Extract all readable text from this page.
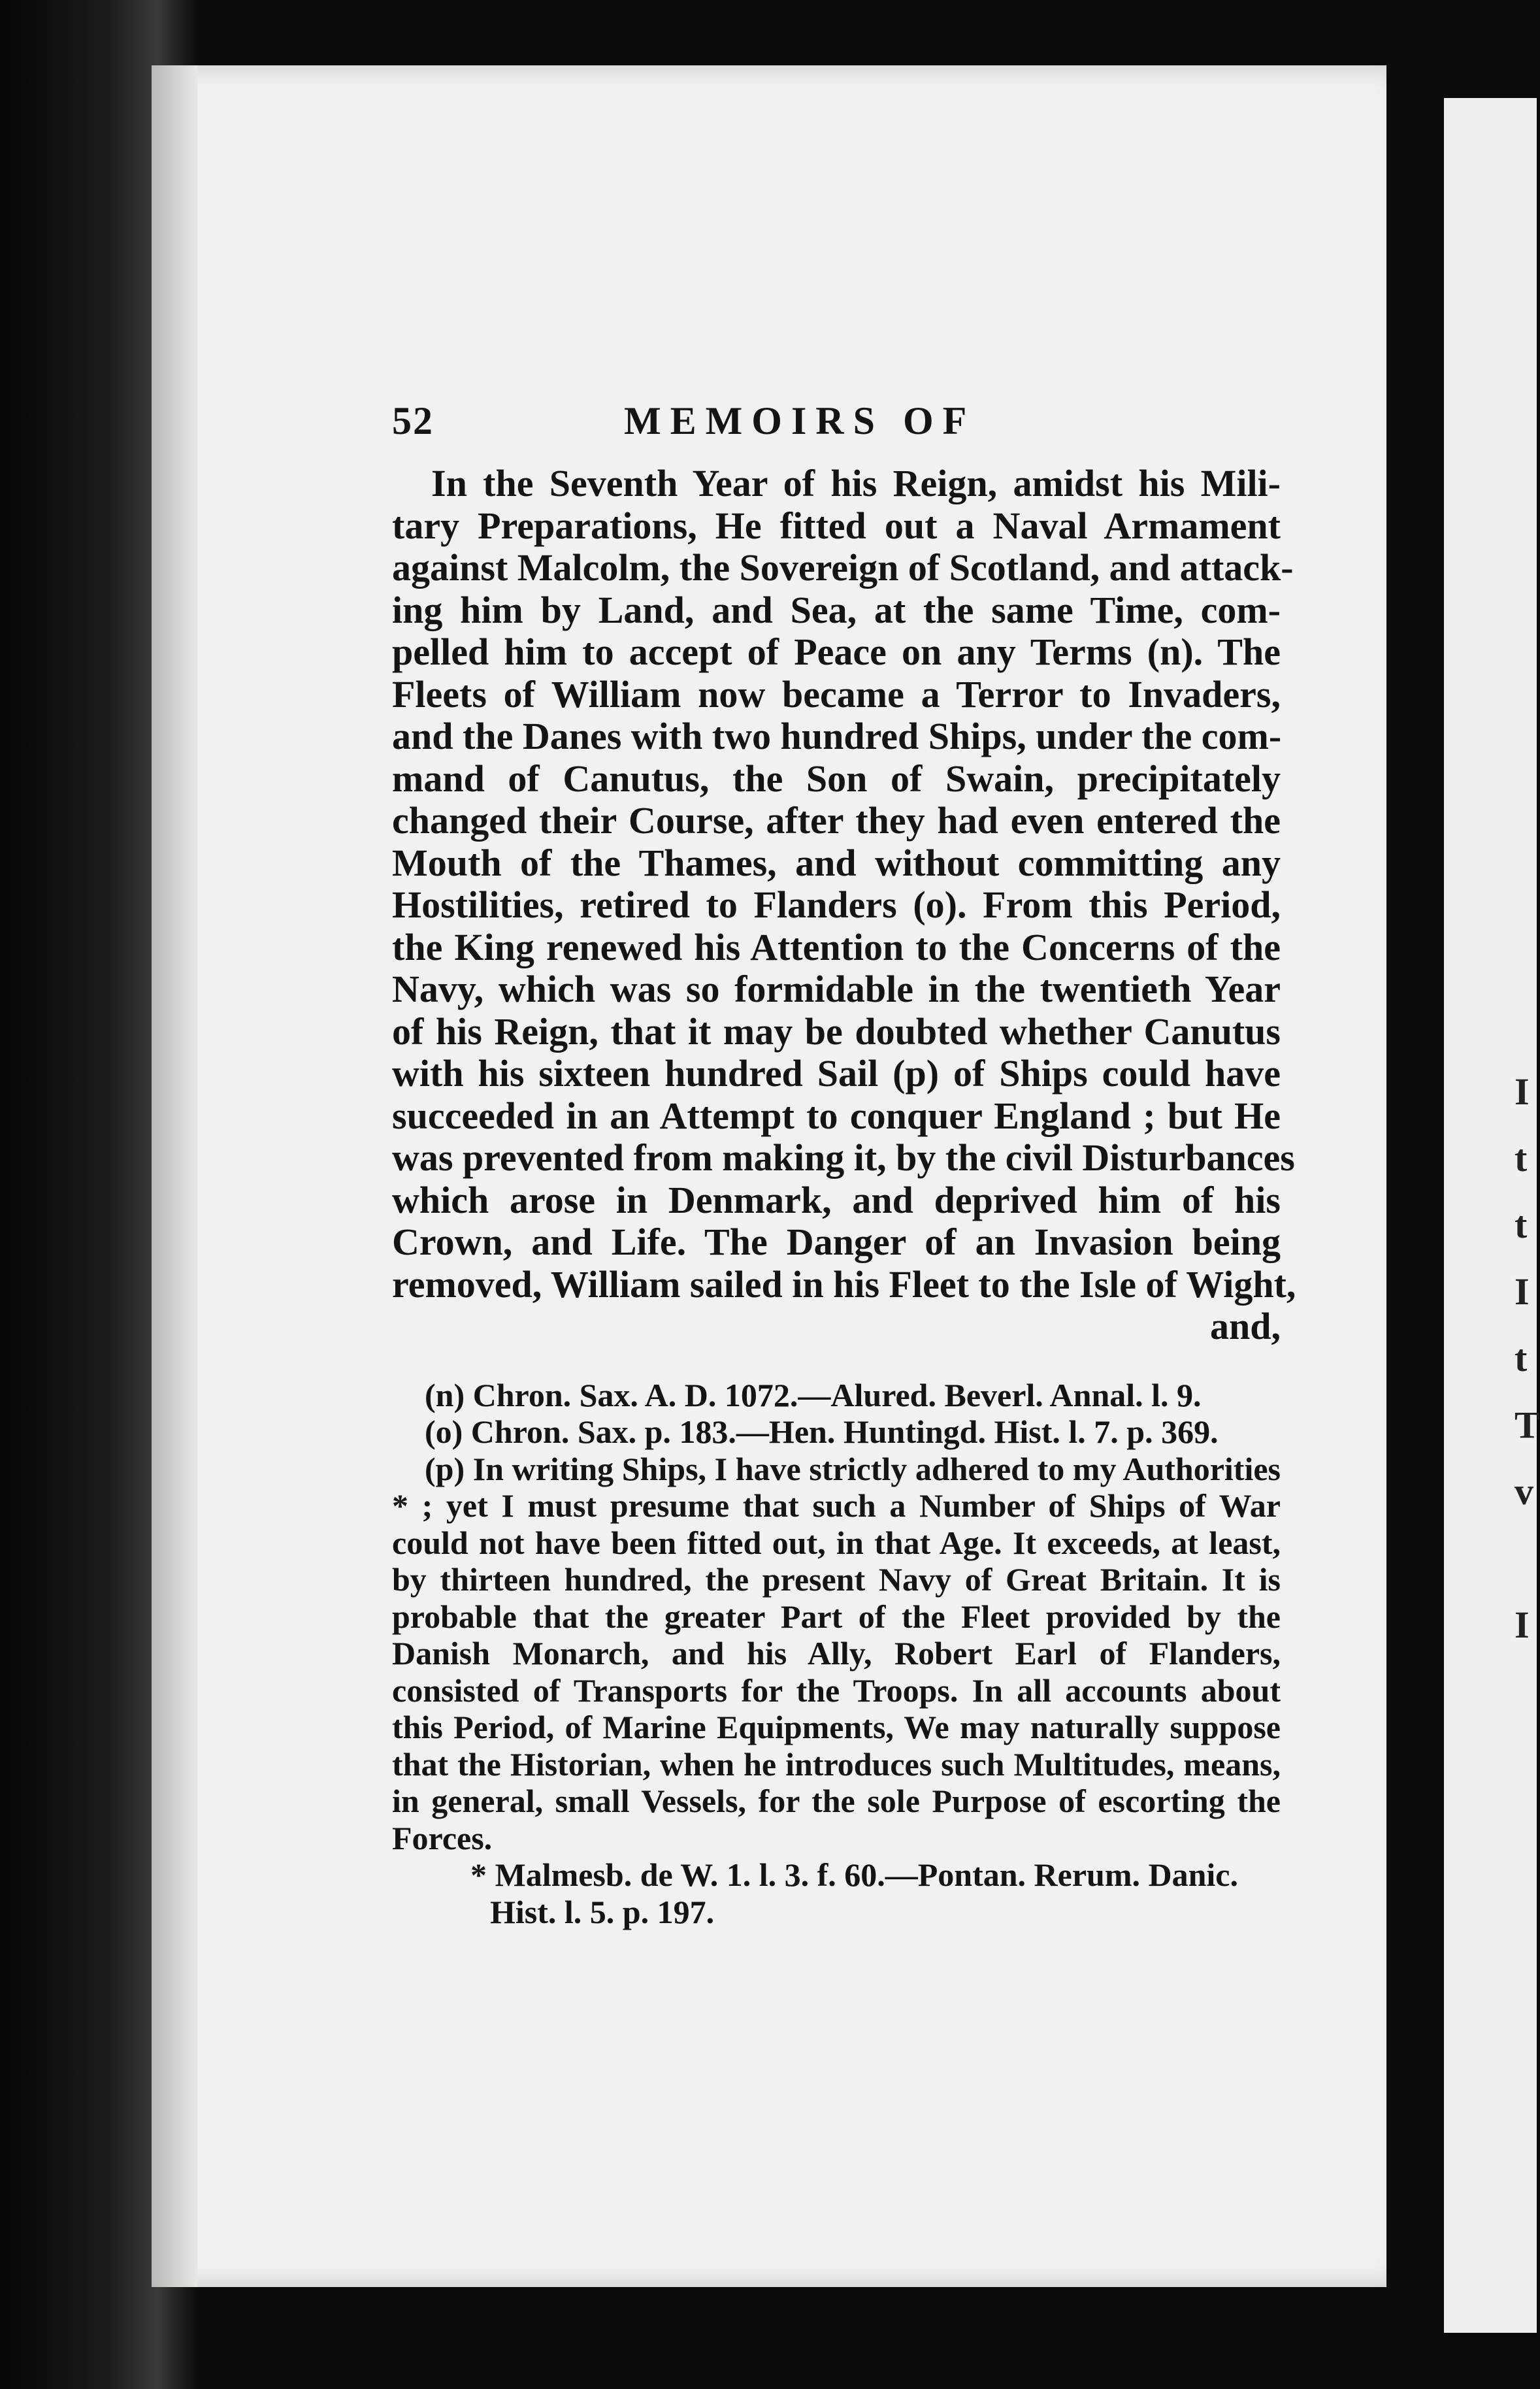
I
t
t
I
t
T
v
I
52	MEMOIRS OF
In the Seventh Year of his Reign, amidst his Mili-
tary Preparations, He fitted out a Naval Armament
against Malcolm, the Sovereign of Scotland, and attack-
ing him by Land, and Sea, at the same Time, com-
pelled him to accept of Peace on any Terms (n). The
Fleets of William now became a Terror to Invaders,
and the Danes with two hundred Ships, under the com-
mand of Canutus, the Son of Swain, precipitately
changed their Course, after they had even entered the
Mouth of the Thames, and without committing any
Hostilities, retired to Flanders (o). From this Period,
the King renewed his Attention to the Concerns of the
Navy, which was so formidable in the twentieth Year
of his Reign, that it may be doubted whether Canutus
with his sixteen hundred Sail (p) of Ships could have
succeeded in an Attempt to conquer England ; but He
was prevented from making it, by the civil Disturbances
which arose in Denmark, and deprived him of his
Crown, and Life. The Danger of an Invasion being
removed, William sailed in his Fleet to the Isle of Wight,
and,
(n) Chron. Sax. A. D. 1072.—Alured. Beverl. Annal. l. 9.
(o) Chron. Sax. p. 183.—Hen. Huntingd. Hist. l. 7. p. 369.
(p) In writing Ships, I have strictly adhered to my Authorities * ; yet I must presume that such a Number of Ships of War could not have been fitted out, in that Age. It exceeds, at least, by thirteen hundred, the present Navy of Great Britain. It is probable that the greater Part of the Fleet provided by the Danish Monarch, and his Ally, Robert Earl of Flanders, consisted of Transports for the Troops. In all accounts about this Period, of Marine Equipments, We may naturally suppose that the Historian, when he introduces such Multitudes, means, in general, small Vessels, for the sole Purpose of escorting the Forces.
* Malmesb. de W. 1. l. 3. f. 60.—Pontan. Rerum. Danic. Hist. l. 5. p. 197.
